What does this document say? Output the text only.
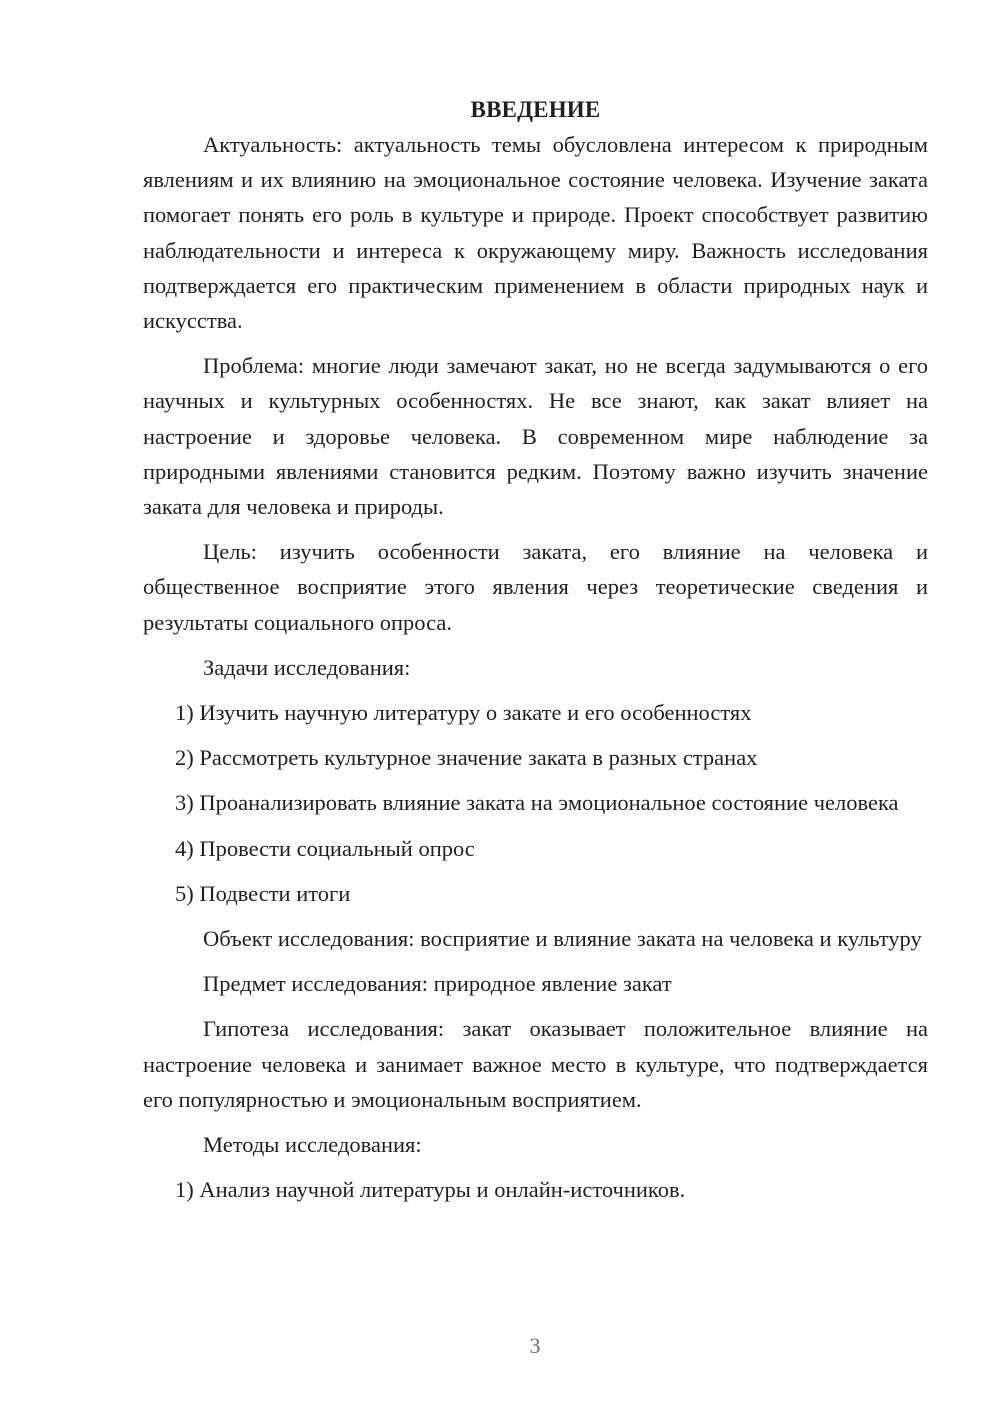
ВВЕДЕНИЕ

Актуальность: актуальность темы обусловлена интересом к природным явлениям и их влиянию на эмоциональное состояние человека. Изучение заката помогает понять его роль в культуре и природе. Проект способствует развитию наблюдательности и интереса к окружающему миру. Важность исследования подтверждается его практическим применением в области природных наук и искусства.

Проблема: многие люди замечают закат, но не всегда задумываются о его научных и культурных особенностях. Не все знают, как закат влияет на настроение и здоровье человека. В современном мире наблюдение за природными явлениями становится редким. Поэтому важно изучить значение заката для человека и природы.

Цель: изучить особенности заката, его влияние на человека и общественное восприятие этого явления через теоретические сведения и результаты социального опроса.

Задачи исследования:

1) Изучить научную литературу о закате и его особенностях

2) Рассмотреть культурное значение заката в разных странах

3) Проанализировать влияние заката на эмоциональное состояние человека

4) Провести социальный опрос

5) Подвести итоги

Объект исследования: восприятие и влияние заката на человека и культуру

Предмет исследования: природное явление закат

Гипотеза исследования: закат оказывает положительное влияние на настроение человека и занимает важное место в культуре, что подтверждается его популярностью и эмоциональным восприятием.

Методы исследования:

1) Анализ научной литературы и онлайн-источников.

3
